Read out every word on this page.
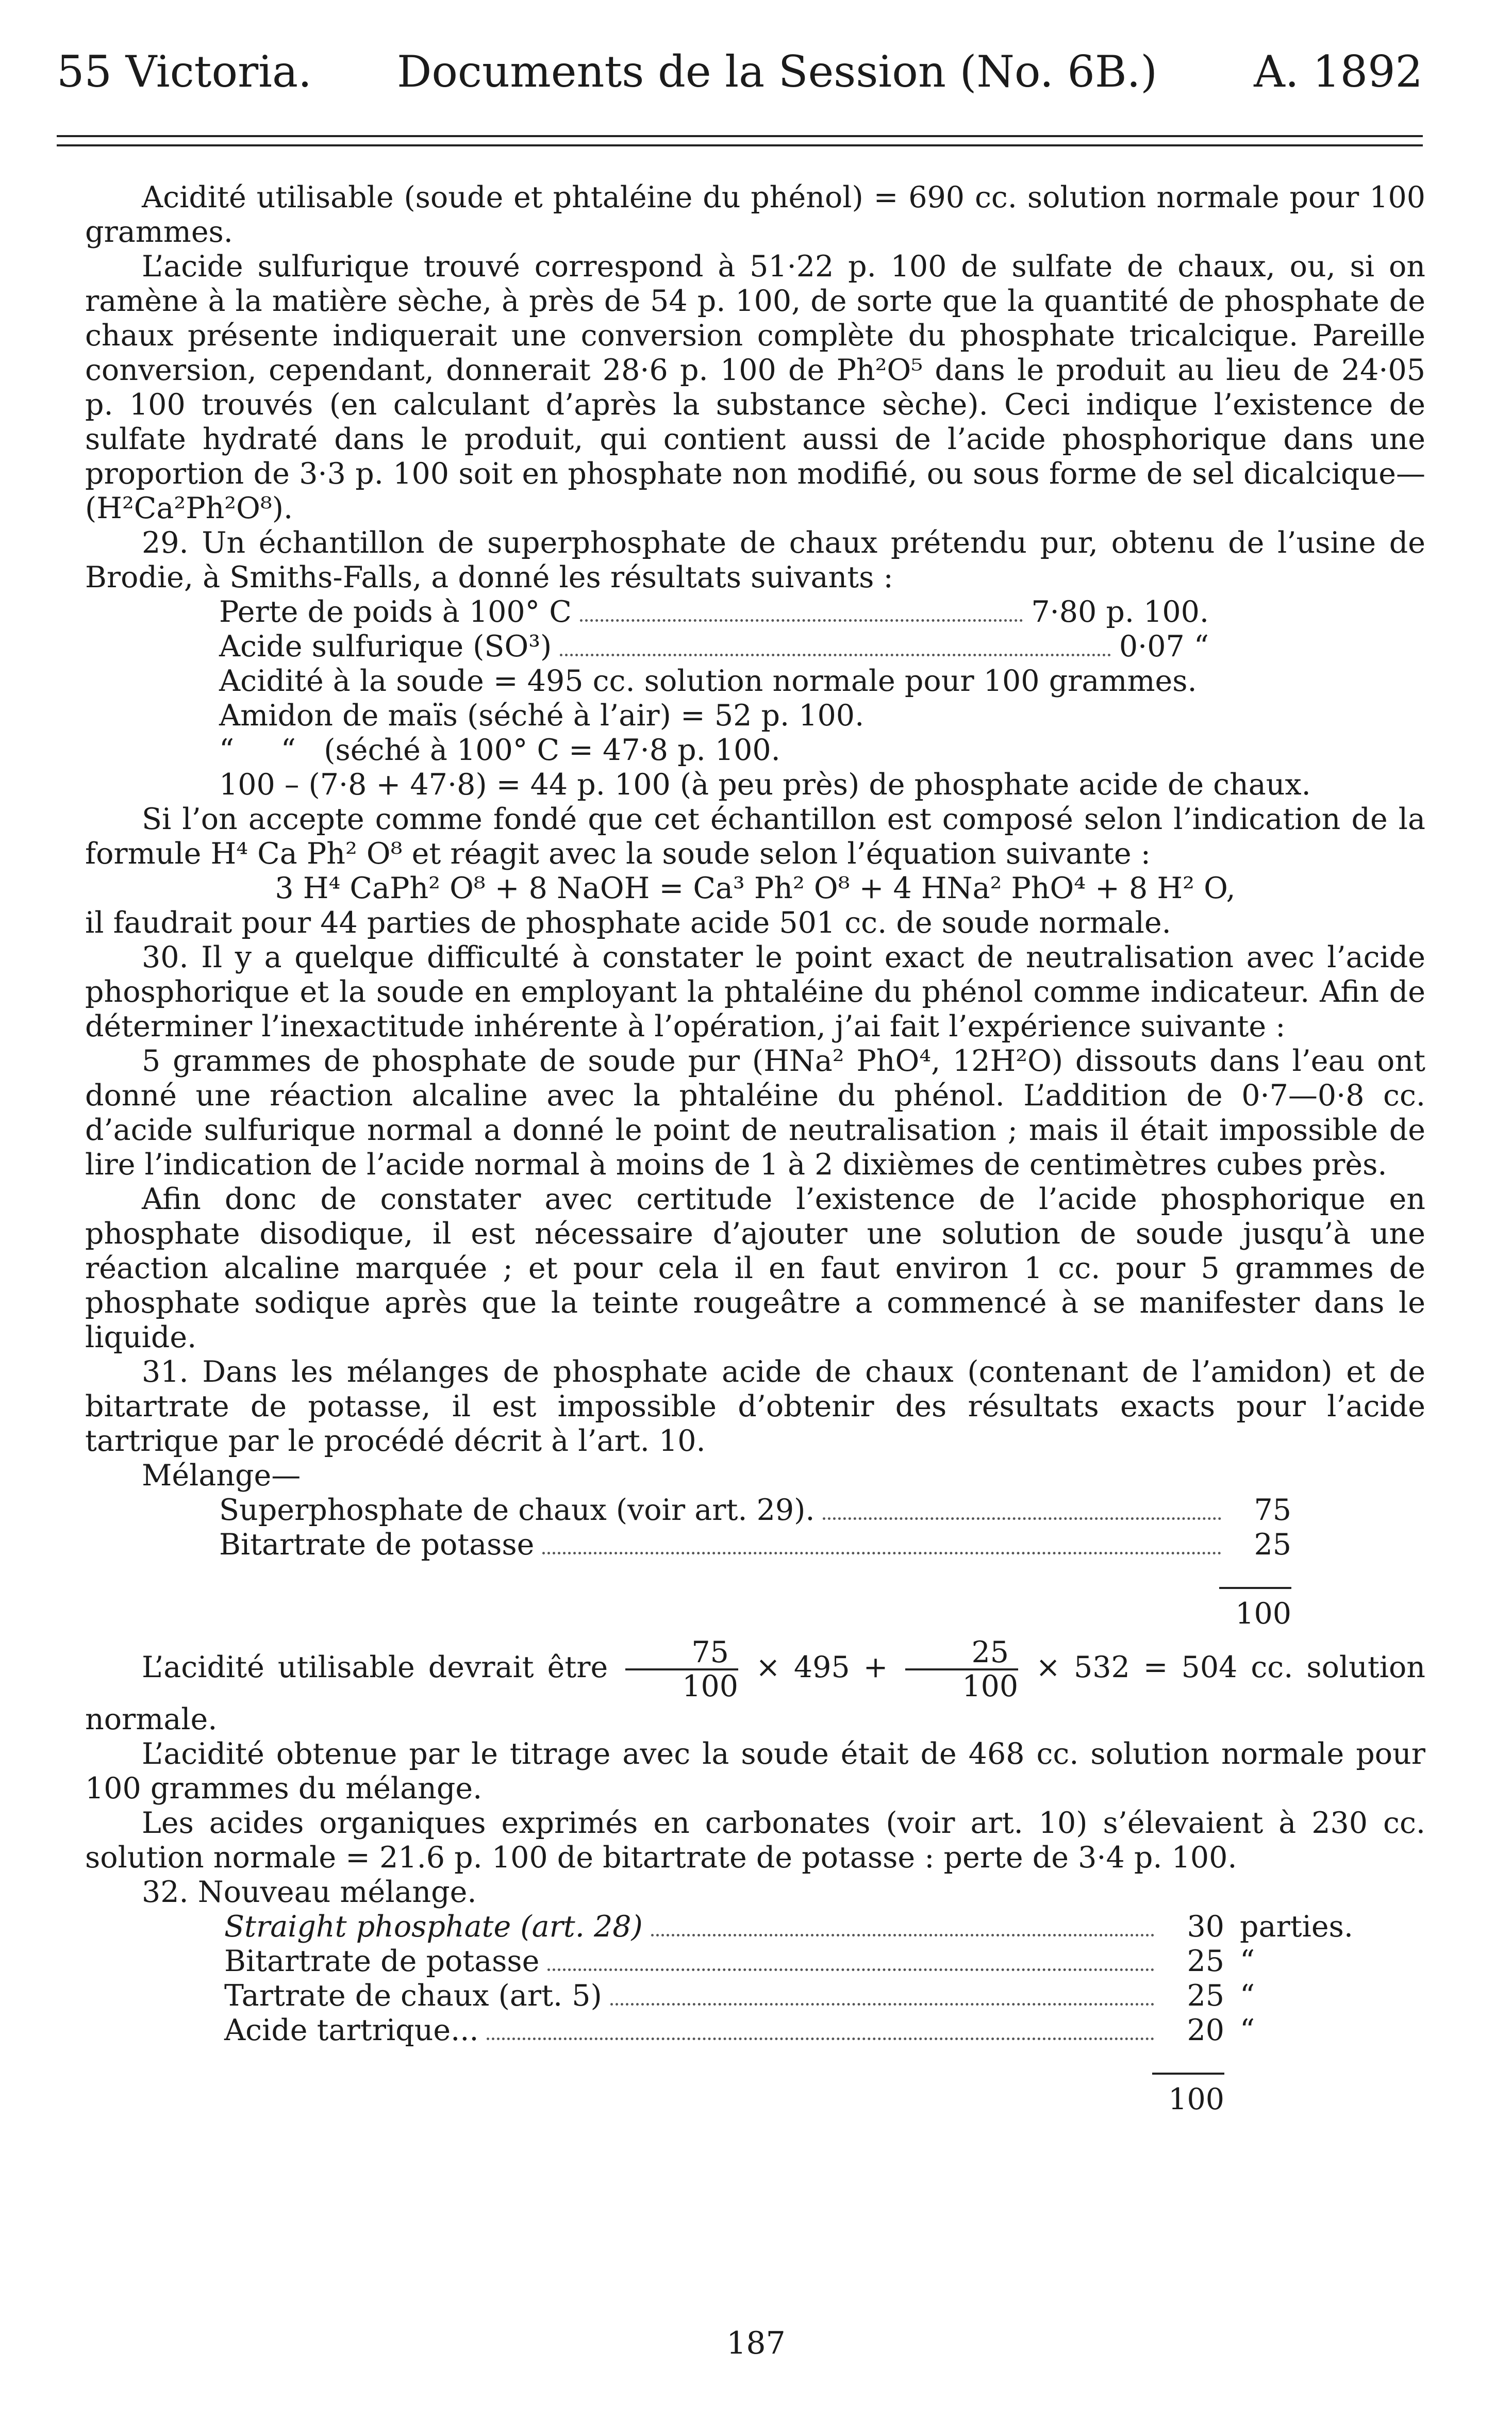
55 Victoria. Documents de la Session (No. 6B.) A. 1892

Acidité utilisable (soude et phtaléine du phénol) = 690 cc. solution normale pour 100 grammes.

L’acide sulfurique trouvé correspond à 51·22 p. 100 de sulfate de chaux, ou, si on ramène à la matière sèche, à près de 54 p. 100, de sorte que la quantité de phosphate de chaux présente indiquerait une conversion complète du phosphate tricalcique. Pareille conversion, cependant, donnerait 28·6 p. 100 de Ph²O⁵ dans le produit au lieu de 24·05 p. 100 trouvés (en calculant d’après la substance sèche). Ceci indique l’existence de sulfate hydraté dans le produit, qui contient aussi de l’acide phosphorique dans une proportion de 3·3 p. 100 soit en phosphate non modifié, ou sous forme de sel dicalcique—(H²Ca²Ph²O⁸).

29. Un échantillon de superphosphate de chaux prétendu pur, obtenu de l’usine de Brodie, à Smiths-Falls, a donné les résultats suivants :

Perte de poids à 100° C	7·80 p. 100.
Acide sulfurique (SO³)	0·07 “

Acidité à la soude = 495 cc. solution normale pour 100 grammes.

Amidon de maïs (séché à l’air) = 52 p. 100.

“     “   (séché à 100° C = 47·8 p. 100.

100 – (7·8 + 47·8) = 44 p. 100 (à peu près) de phosphate acide de chaux.

Si l’on accepte comme fondé que cet échantillon est composé selon l’indication de la formule H⁴ Ca Ph² O⁸ et réagit avec la soude selon l’équation suivante :

3 H⁴ CaPh² O⁸ + 8 NaOH = Ca³ Ph² O⁸ + 4 HNa² PhO⁴ + 8 H² O,

il faudrait pour 44 parties de phosphate acide 501 cc. de soude normale.

30. Il y a quelque difficulté à constater le point exact de neutralisation avec l’acide phosphorique et la soude en employant la phtaléine du phénol comme indicateur. Afin de déterminer l’inexactitude inhérente à l’opération, j’ai fait l’expérience suivante :

5 grammes de phosphate de soude pur (HNa² PhO⁴, 12H²O) dissouts dans l’eau ont donné une réaction alcaline avec la phtaléine du phénol. L’addition de 0·7—0·8 cc. d’acide sulfurique normal a donné le point de neutralisation ; mais il était impossible de lire l’indication de l’acide normal à moins de 1 à 2 dixièmes de centimètres cubes près.

Afin donc de constater avec certitude l’existence de l’acide phosphorique en phosphate disodique, il est nécessaire d’ajouter une solution de soude jusqu’à une réaction alcaline marquée ; et pour cela il en faut environ 1 cc. pour 5 grammes de phosphate sodique après que la teinte rougeâtre a commencé à se manifester dans le liquide.

31. Dans les mélanges de phosphate acide de chaux (contenant de l’amidon) et de bitartrate de potasse, il est impossible d’obtenir des résultats exacts pour l’acide tartrique par le procédé décrit à l’art. 10.

Mélange—

Superphosphate de chaux (voir art. 29).	75
Bitartrate de potasse	25

100

L’acidité utilisable devrait être $\frac{75}{100} \times 495 + \frac{25}{100} \times 532 = 504$ cc. solution normale.

L’acidité obtenue par le titrage avec la soude était de 468 cc. solution normale pour 100 grammes du mélange.

Les acides organiques exprimés en carbonates (voir art. 10) s’élevaient à 230 cc. solution normale = 21.6 p. 100 de bitartrate de potasse : perte de 3·4 p. 100.

32. Nouveau mélange.

Straight phosphate (art. 28)	30 parties.
Bitartrate de potasse	25 “
Tartrate de chaux (art. 5)	25 “
Acide tartrique...	20 “

100
187
